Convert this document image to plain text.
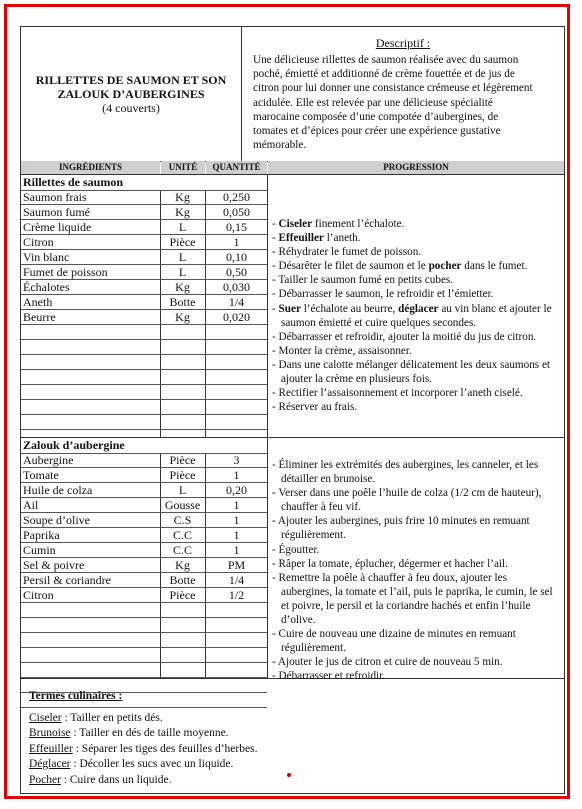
RILLETTES DE SAUMON ET SON
ZALOUK D’AUBERGINES
(4 couverts)
Descriptif :
Une délicieuse rillettes de saumon réalisée avec du saumon
poché, émietté et additionné de crème fouettée et de jus de
citron pour lui donner une consistance crémeuse et légèrement
acidulée. Elle est relevée par une délicieuse spécialité
marocaine composée d’une compotée d’aubergines, de
tomates et d’épices pour créer une expérience gustative
mémorable.
INGRÉDIENTS	UNITÉ	QUANTITÉ	PROGRESSION
Rillettes de saumon
Saumon frais	Kg	0,250
Saumon fumé	Kg	0,050
Crème liquide	L	0,15
Citron	Pièce	1
Vin blanc	L	0,10
Fumet de poisson	L	0,50
Échalotes	Kg	0,030
Aneth	Botte	1/4
Beurre	Kg	0,020
- Ciseler finement l’échalote.
- Effeuiller l’aneth.
- Réhydrater le fumet de poisson.
- Désarêter le filet de saumon et le pocher dans le fumet.
- Tailler le saumon fumé en petits cubes.
- Débarrasser le saumon, le refroidir et l’émietter.
- Suer l’échalote au beurre, déglacer au vin blanc et ajouter le saumon émietté et cuire quelques secondes.
- Débarrasser et refroidir, ajouter la moitié du jus de citron.
- Monter la crème, assaisonner.
- Dans une calotte mélanger délicatement les deux saumons et ajouter la crème en plusieurs fois.
- Rectifier l’assaisonnement et incorporer l’aneth ciselé.
- Réserver au frais.
Zalouk d’aubergine
Aubergine	Pièce	3
Tomate	Pièce	1
Huile de colza	L	0,20
Ail	Gousse	1
Soupe d’olive	C.S	1
Paprika	C.C	1
Cumin	C.C	1
Sel & poivre	Kg	PM
Persil & coriandre	Botte	1/4
Citron	Pièce	1/2
- Éliminer les extrémités des aubergines, les canneler, et les détailler en brunoise.
- Verser dans une poêle l’huile de colza (1/2 cm de hauteur), chauffer à feu vif.
- Ajouter les aubergines, puis frire 10 minutes en remuant régulièrement.
- Égoutter.
- Râper la tomate, éplucher, dégermer et hacher l’ail.
- Remettre la poêle à chauffer à feu doux, ajouter les aubergines, la tomate et l’ail, puis le paprika, le cumin, le sel et poivre, le persil et la coriandre hachés et enfin l’huile d’olive.
- Cuire de nouveau une dizaine de minutes en remuant régulièrement.
- Ajouter le jus de citron et cuire de nouveau 5 min.
- Débarrasser et refroidir.
Termes culinaires :
Ciseler : Tailler en petits dés.
Brunoise : Tailler en dés de taille moyenne.
Effeuiller : Séparer les tiges des feuilles d’herbes.
Déglacer : Décoller les sucs avec un liquide.
Pocher : Cuire dans un liquide.
